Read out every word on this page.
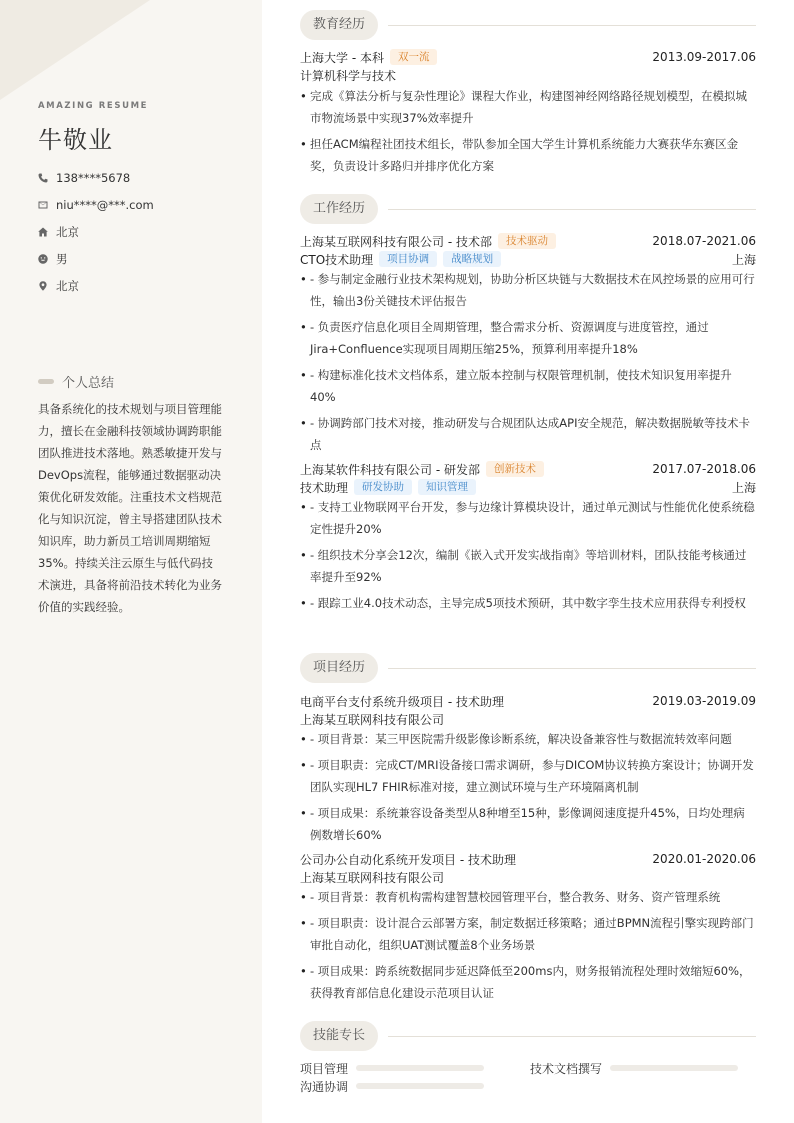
AMAZING RESUME
牛敬业
138****5678
niu****@***.com
北京
男
北京
个人总结

具备系统化的技术规划与项目管理能力，擅长在金融科技领域协调跨职能团队推进技术落地。熟悉敏捷开发与DevOps流程，能够通过数据驱动决策优化研发效能。注重技术文档规范化与知识沉淀，曾主导搭建团队技术知识库，助力新员工培训周期缩短35%。持续关注云原生与低代码技术演进，具备将前沿技术转化为业务价值的实践经验。

教育经历
上海大学 - 本科	双一流	2013.09-2017.06
计算机科学与技术
• 完成《算法分析与复杂性理论》课程大作业，构建图神经网络路径规划模型，在模拟城市物流场景中实现37%效率提升
• 担任ACM编程社团技术组长，带队参加全国大学生计算机系统能力大赛获华东赛区金奖，负责设计多路归并排序优化方案
工作经历
上海某互联网科技有限公司 - 技术部	技术驱动	2018.07-2021.06
CTO技术助理	项目协调	战略规划	上海
• - 参与制定金融行业技术架构规划，协助分析区块链与大数据技术在风控场景的应用可行性，输出3份关键技术评估报告
• - 负责医疗信息化项目全周期管理，整合需求分析、资源调度与进度管控，通过Jira+Confluence实现项目周期压缩25%，预算利用率提升18%
• - 构建标准化技术文档体系，建立版本控制与权限管理机制，使技术知识复用率提升40%
• - 协调跨部门技术对接，推动研发与合规团队达成API安全规范，解决数据脱敏等技术卡点
上海某软件科技有限公司 - 研发部	创新技术	2017.07-2018.06
技术助理	研发协助	知识管理	上海
• - 支持工业物联网平台开发，参与边缘计算模块设计，通过单元测试与性能优化使系统稳定性提升20%
• - 组织技术分享会12次，编制《嵌入式开发实战指南》等培训材料，团队技能考核通过率提升至92%
• - 跟踪工业4.0技术动态，主导完成5项技术预研，其中数字孪生技术应用获得专利授权
项目经历
电商平台支付系统升级项目 - 技术助理	2019.03-2019.09
上海某互联网科技有限公司
• - 项目背景：某三甲医院需升级影像诊断系统，解决设备兼容性与数据流转效率问题
• - 项目职责：完成CT/MRI设备接口需求调研，参与DICOM协议转换方案设计；协调开发团队实现HL7 FHIR标准对接，建立测试环境与生产环境隔离机制
• - 项目成果：系统兼容设备类型从8种增至15种，影像调阅速度提升45%，日均处理病例数增长60%
公司办公自动化系统开发项目 - 技术助理	2020.01-2020.06
上海某互联网科技有限公司
• - 项目背景：教育机构需构建智慧校园管理平台，整合教务、财务、资产管理系统
• - 项目职责：设计混合云部署方案，制定数据迁移策略；通过BPMN流程引擎实现跨部门审批自动化，组织UAT测试覆盖8个业务场景
• - 项目成果：跨系统数据同步延迟降低至200ms内，财务报销流程处理时效缩短60%，获得教育部信息化建设示范项目认证
技能专长
项目管理	技术文档撰写
沟通协调
